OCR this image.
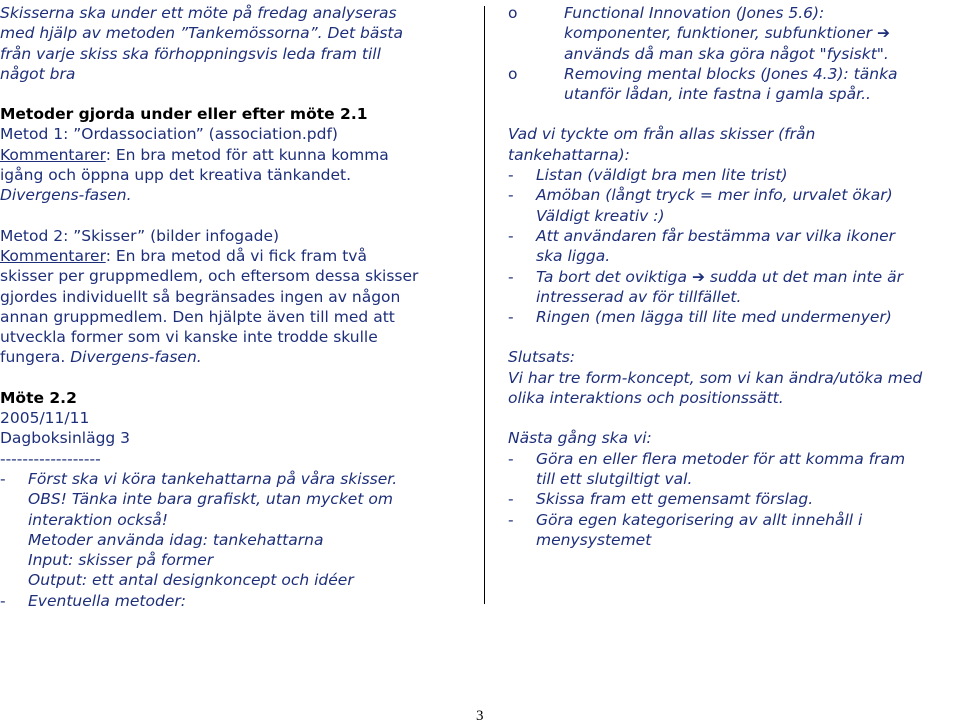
Skisserna ska under ett möte på fredag analyseras

med hjälp av metoden ”Tankemössorna”. Det bästa

från varje skiss ska förhoppningsvis leda fram till

något bra

Metoder gjorda under eller efter möte 2.1

Metod 1: ”Ordassociation” (association.pdf)

Kommentarer: En bra metod för att kunna komma

igång och öppna upp det kreativa tänkandet.

Divergens-fasen.

Metod 2: ”Skisser” (bilder infogade)

Kommentarer: En bra metod då vi fick fram två

skisser per gruppmedlem, och eftersom dessa skisser

gjordes individuellt så begränsades ingen av någon

annan gruppmedlem. Den hjälpte även till med att

utveckla former som vi kanske inte trodde skulle

fungera. Divergens-fasen.

Möte 2.2

2005/11/11

Dagboksinlägg 3

------------------

- Först ska vi köra tankehattarna på våra skisser.

OBS! Tänka inte bara grafiskt, utan mycket om

interaktion också!

Metoder använda idag: tankehattarna

Input: skisser på former

Output: ett antal designkoncept och idéer

- Eventuella metoder:

o	Functional Innovation (Jones 5.6):

komponenter, funktioner, subfunktioner ➔

används då man ska göra något "fysiskt".

o	Removing mental blocks (Jones 4.3): tänka

utanför lådan, inte fastna i gamla spår..

Vad vi tyckte om från allas skisser (från

tankehattarna):

- Listan (väldigt bra men lite trist)

- Amöban (långt tryck = mer info, urvalet ökar)

Väldigt kreativ :)

- Att användaren får bestämma var vilka ikoner

ska ligga.

- Ta bort det oviktiga ➔ sudda ut det man inte är

intresserad av för tillfället.

- Ringen (men lägga till lite med undermenyer)

Slutsats:

Vi har tre form-koncept, som vi kan ändra/utöka med

olika interaktions och positionssätt.

Nästa gång ska vi:

- Göra en eller flera metoder för att komma fram

till ett slutgiltigt val.

- Skissa fram ett gemensamt förslag.

- Göra egen kategorisering av allt innehåll i

menysystemet

3
